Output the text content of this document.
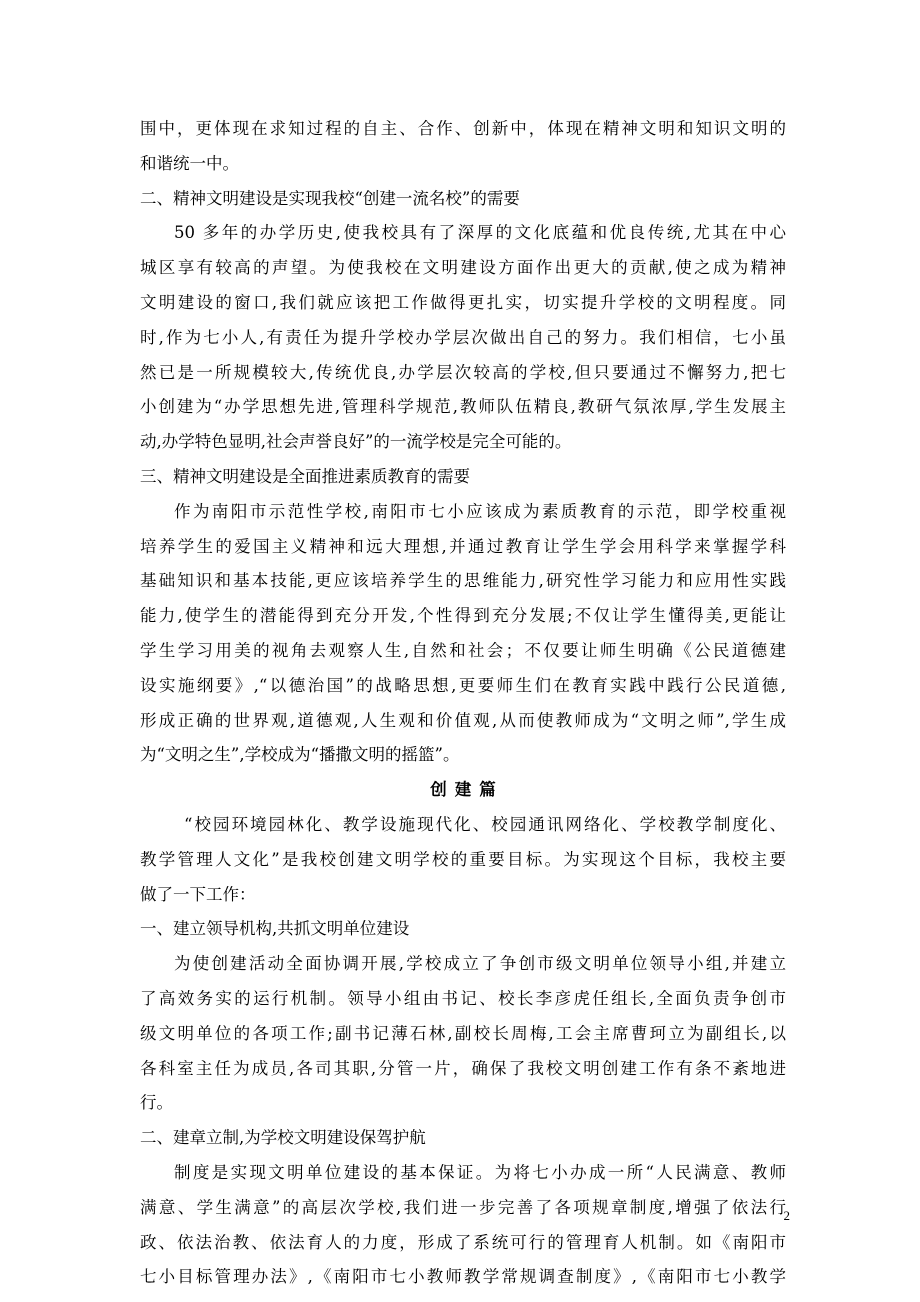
围中，更体现在求知过程的自主、合作、创新中，体现在精神文明和知识文明的
和谐统一中。
二、精神文明建设是实现我校“创建一流名校”的需要
50 多年的办学历史,使我校具有了深厚的文化底蕴和优良传统,尤其在中心
城区享有较高的声望。为使我校在文明建设方面作出更大的贡献,使之成为精神
文明建设的窗口,我们就应该把工作做得更扎实，切实提升学校的文明程度。同
时,作为七小人,有责任为提升学校办学层次做出自己的努力。我们相信，七小虽
然已是一所规模较大,传统优良,办学层次较高的学校,但只要通过不懈努力,把七
小创建为“办学思想先进,管理科学规范,教师队伍精良,教研气氛浓厚,学生发展主
动,办学特色显明,社会声誉良好”的一流学校是完全可能的。
三、精神文明建设是全面推进素质教育的需要
作为南阳市示范性学校,南阳市七小应该成为素质教育的示范，即学校重视
培养学生的爱国主义精神和远大理想,并通过教育让学生学会用科学来掌握学科
基础知识和基本技能,更应该培养学生的思维能力,研究性学习能力和应用性实践
能力,使学生的潜能得到充分开发,个性得到充分发展;不仅让学生懂得美,更能让
学生学习用美的视角去观察人生,自然和社会；不仅要让师生明确《公民道德建
设实施纲要》,“以德治国”的战略思想,更要师生们在教育实践中践行公民道德,
形成正确的世界观,道德观,人生观和价值观,从而使教师成为“文明之师”,学生成
为“文明之生”,学校成为“播撒文明的摇篮”。
创建篇
“校园环境园林化、教学设施现代化、校园通讯网络化、学校教学制度化、
教学管理人文化”是我校创建文明学校的重要目标。为实现这个目标，我校主要
做了一下工作：
一、建立领导机构,共抓文明单位建设
为使创建活动全面协调开展,学校成立了争创市级文明单位领导小组,并建立
了高效务实的运行机制。领导小组由书记、校长李彦虎任组长,全面负责争创市
级文明单位的各项工作;副书记薄石林,副校长周梅,工会主席曹珂立为副组长,以
各科室主任为成员,各司其职,分管一片，确保了我校文明创建工作有条不紊地进
行。
二、建章立制,为学校文明建设保驾护航
制度是实现文明单位建设的基本保证。为将七小办成一所“人民满意、教师
满意、学生满意”的高层次学校,我们进一步完善了各项规章制度,增强了依法行
政、依法治教、依法育人的力度，形成了系统可行的管理育人机制。如《南阳市
七小目标管理办法》,《南阳市七小教师教学常规调查制度》,《南阳市七小教学
2
